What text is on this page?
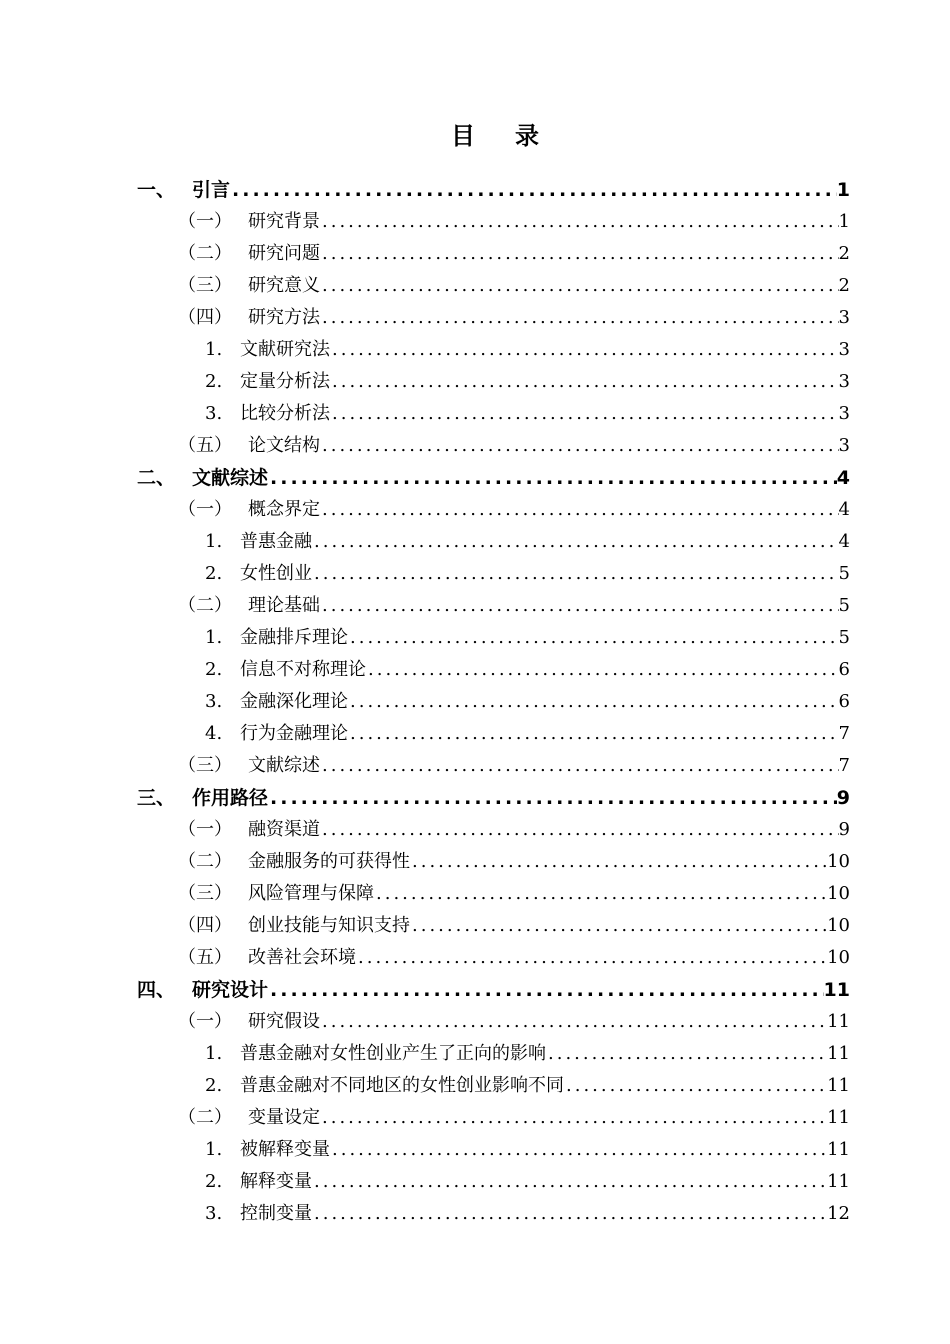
目 录
一、 引言 .....	1
（一） 研究背景 .....	1
（二） 研究问题 .....	2
（三） 研究意义 .....	2
（四） 研究方法 .....	3
1. 文献研究法 .....	3
2. 定量分析法 .....	3
3. 比较分析法 .....	3
（五） 论文结构 .....	3
二、 文献综述 .....	4
（一） 概念界定 .....	4
1. 普惠金融 .....	4
2. 女性创业 .....	5
（二） 理论基础 .....	5
1. 金融排斥理论 .....	5
2. 信息不对称理论 .....	6
3. 金融深化理论 .....	6
4. 行为金融理论 .....	7
（三） 文献综述 .....	7
三、 作用路径 .....	9
（一） 融资渠道 .....	9
（二） 金融服务的可获得性 .....	10
（三） 风险管理与保障 .....	10
（四） 创业技能与知识支持 .....	10
（五） 改善社会环境 .....	10
四、 研究设计 .....	11
（一） 研究假设 .....	11
1. 普惠金融对女性创业产生了正向的影响 .....	11
2. 普惠金融对不同地区的女性创业影响不同 .....	11
（二） 变量设定 .....	11
1. 被解释变量 .....	11
2. 解释变量 .....	11
3. 控制变量 .....	12
